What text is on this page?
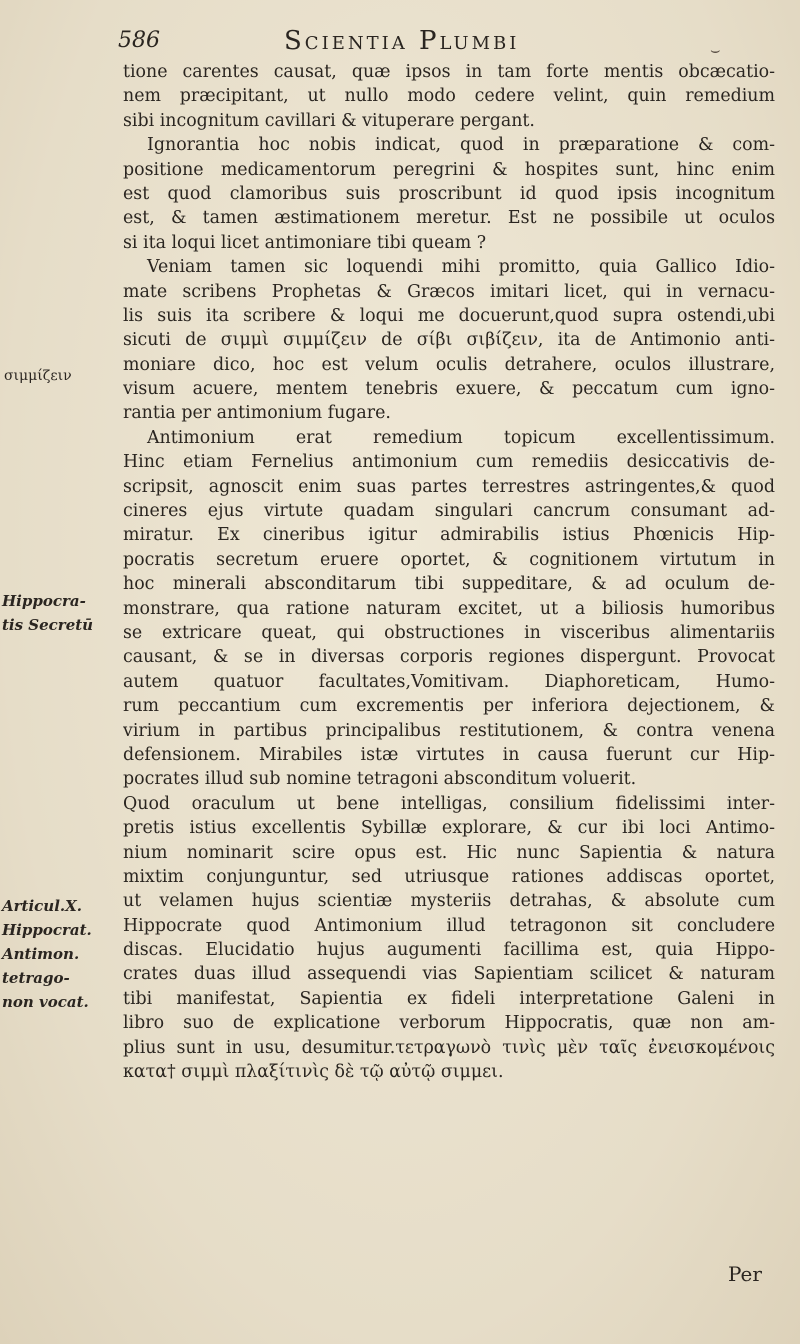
586	Scientia Plumbi	⌣
σιμμίζειν
Hippocra-
tis Secretū
Articul.X.
Hippocrat.
Antimon.
tetrago-
non vocat.
tione carentes causat, quæ ipsos in tam forte mentis obcæcatio-
nem præcipitant, ut nullo modo cedere velint, quin remedium
sibi incognitum cavillari & vituperare pergant.
Ignorantia hoc nobis indicat, quod in præparatione & com-
positione medicamentorum peregrini & hospites sunt, hinc enim
est quod clamoribus suis proscribunt id quod ipsis incognitum
est, & tamen æstimationem meretur. Est ne possibile ut oculos
si ita loqui licet antimoniare tibi queam ?
Veniam tamen sic loquendi mihi promitto, quia Gallico Idio-
mate scribens Prophetas & Græcos imitari licet, qui in vernacu-
lis suis ita scribere & loqui me docuerunt,quod supra ostendi,ubi
sicuti de σιμμὶ σιμμίζειν de σίβι σιβίζειν, ita de Antimonio anti-
moniare dico, hoc est velum oculis detrahere, oculos illustrare,
visum acuere, mentem tenebris exuere, & peccatum cum igno-
rantia per antimonium fugare.
Antimonium erat remedium topicum excellentissimum.
Hinc etiam Fernelius antimonium cum remediis desiccativis de-
scripsit, agnoscit enim suas partes terrestres astringentes,& quod
cineres ejus virtute quadam singulari cancrum consumant ad-
miratur. Ex cineribus igitur admirabilis istius Phœnicis Hip-
pocratis secretum eruere oportet, & cognitionem virtutum in
hoc minerali absconditarum tibi suppeditare, & ad oculum de-
monstrare, qua ratione naturam excitet, ut a biliosis humoribus
se extricare queat, qui obstructiones in visceribus alimentariis
causant, & se in diversas corporis regiones dispergunt. Provocat
autem quatuor facultates,Vomitivam. Diaphoreticam, Humo-
rum peccantium cum excrementis per inferiora dejectionem, &
virium in partibus principalibus restitutionem, & contra venena
defensionem. Mirabiles istæ virtutes in causa fuerunt cur Hip-
pocrates illud sub nomine tetragoni absconditum voluerit.
Quod oraculum ut bene intelligas, consilium fidelissimi inter-
pretis istius excellentis Sybillæ explorare, & cur ibi loci Antimo-
nium nominarit scire opus est. Hic nunc Sapientia & natura
mixtim conjunguntur, sed utriusque rationes addiscas oportet,
ut velamen hujus scientiæ mysteriis detrahas, & absolute cum
Hippocrate quod Antimonium illud tetragonon sit concludere
discas. Elucidatio hujus augumenti facillima est, quia Hippo-
crates duas illud assequendi vias Sapientiam scilicet & naturam
tibi manifestat, Sapientia ex fideli interpretatione Galeni in
libro suo de explicatione verborum Hippocratis, quæ non am-
plius sunt in usu, desumitur.τετραγωνὸ τινὶς μὲν ταῖς ἐνεισκομένοις
κατα† σιμμὶ πλαξίτινὶς δὲ τῷ αὐτῷ σιμμει.
Per
